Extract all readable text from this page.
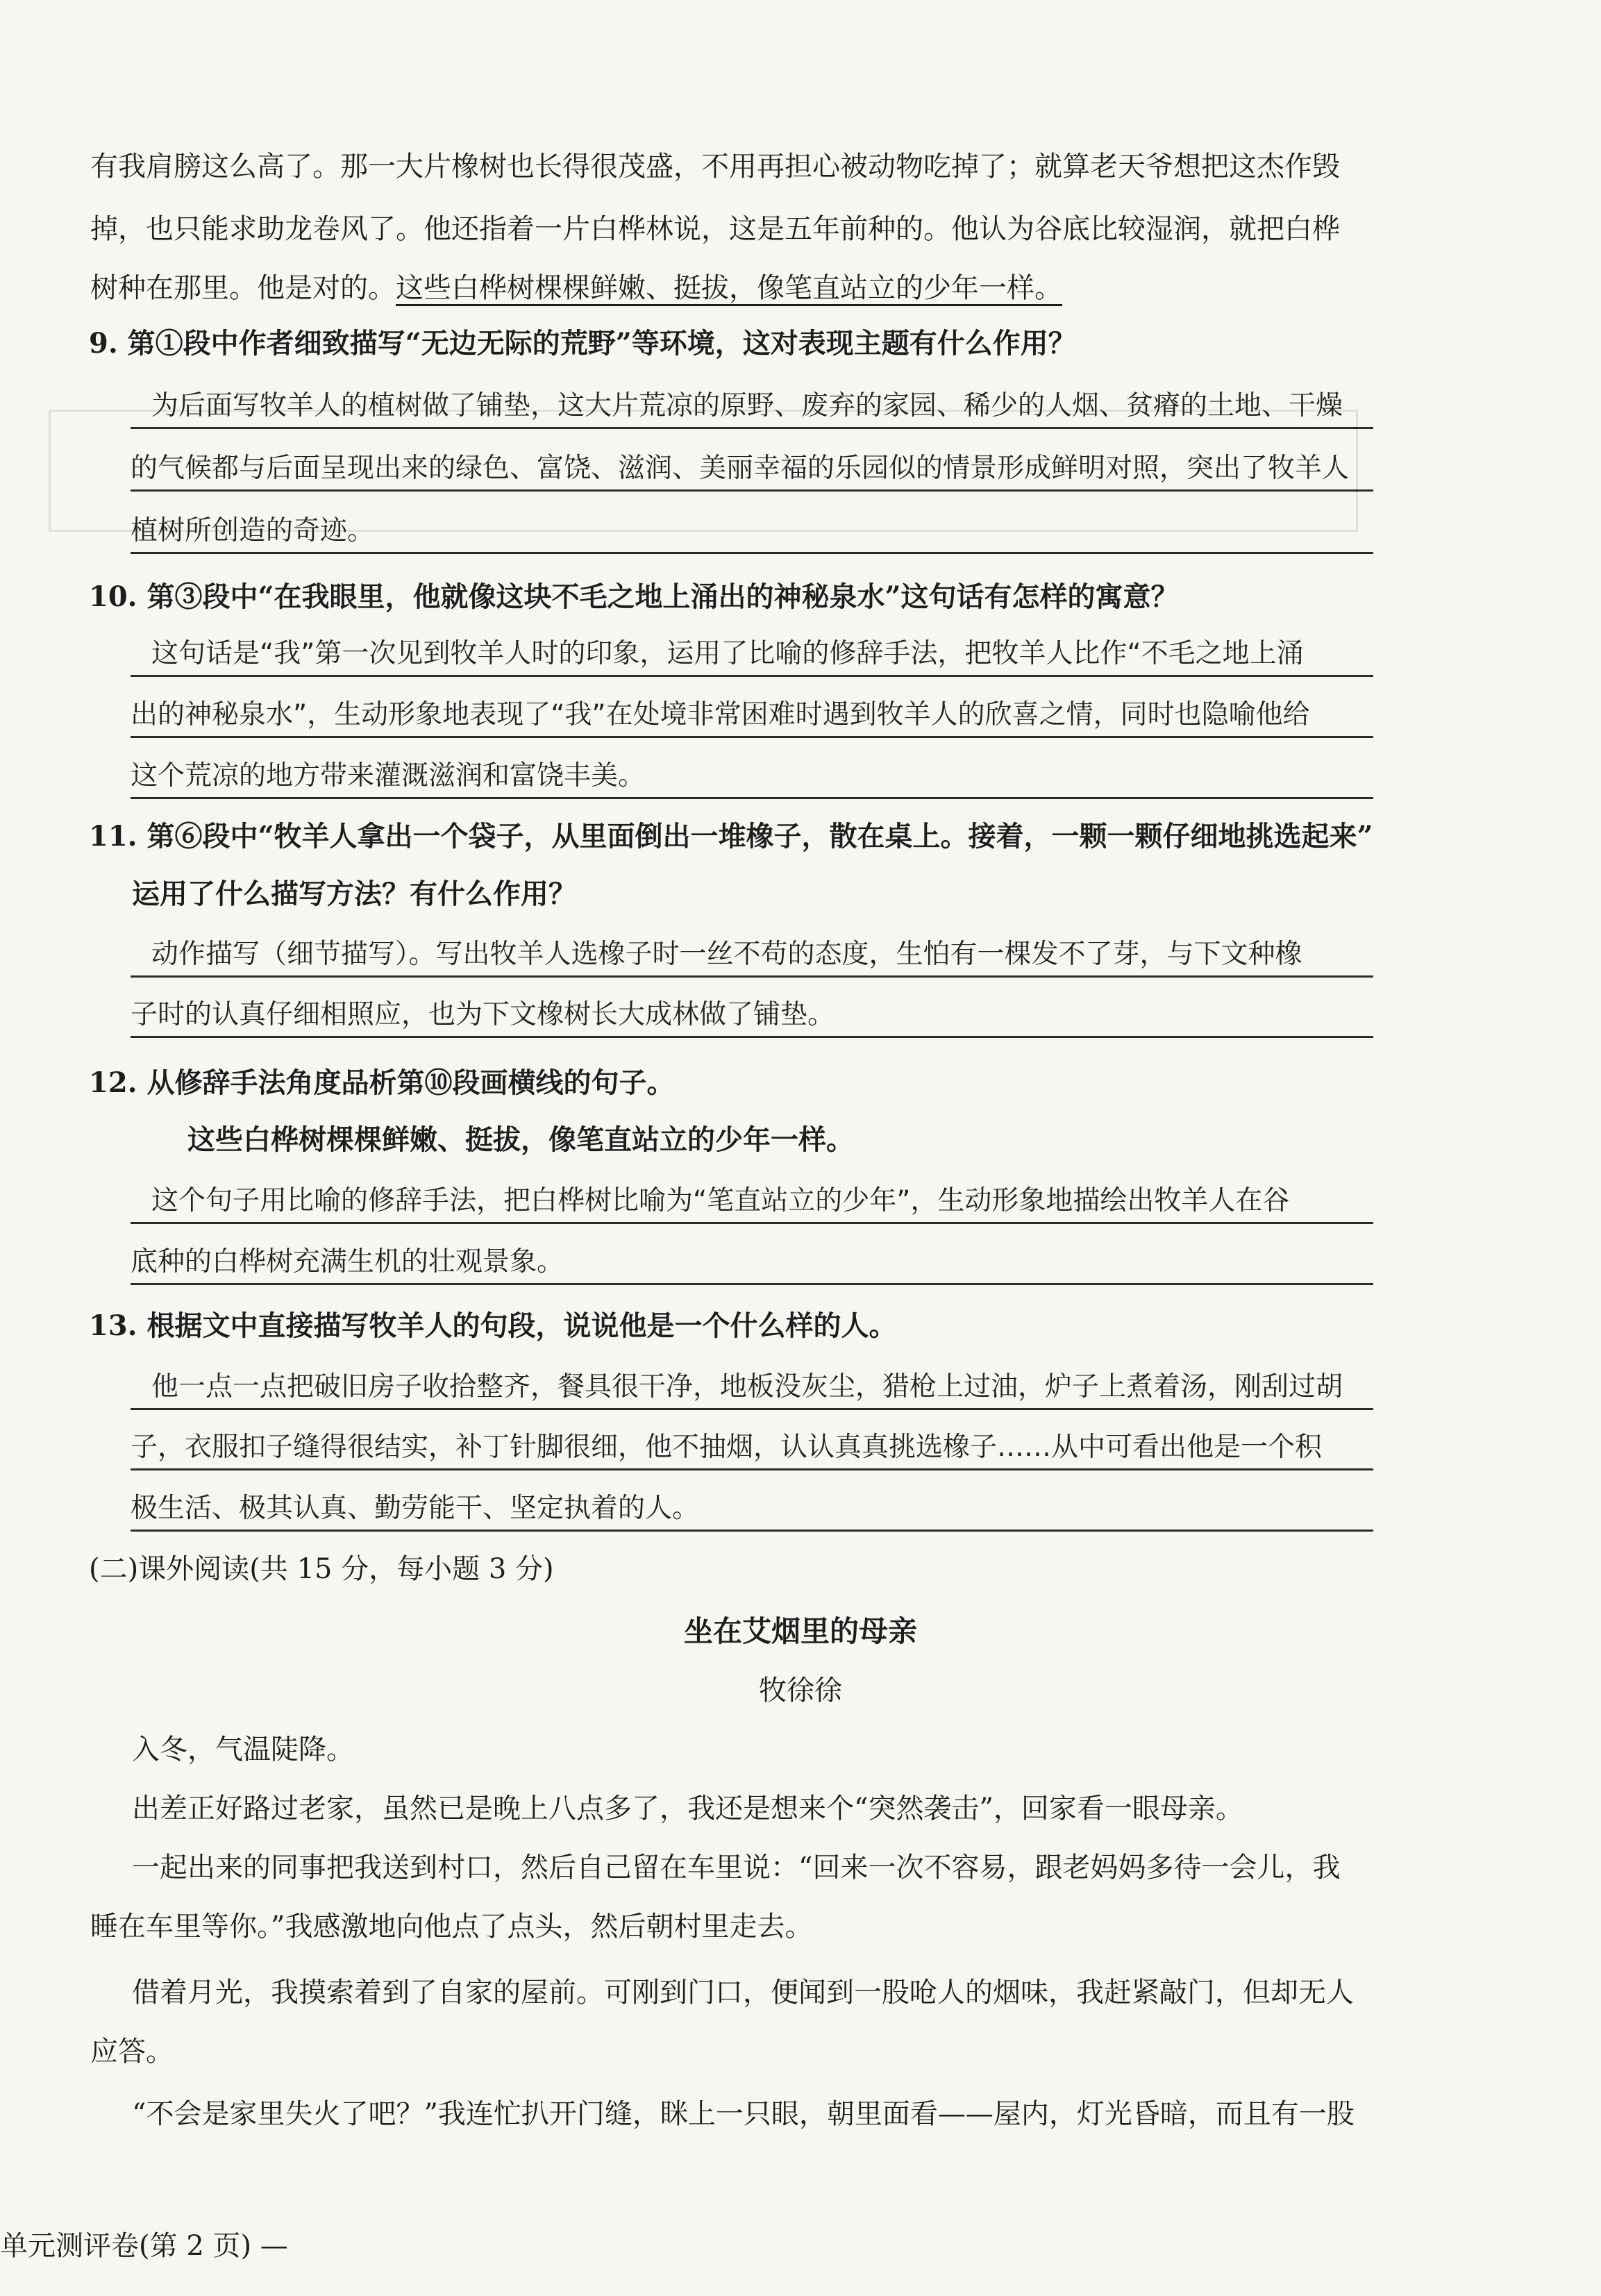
有我肩膀这么高了。那一大片橡树也长得很茂盛，不用再担心被动物吃掉了；就算老天爷想把这杰作毁
掉，也只能求助龙卷风了。他还指着一片白桦林说，这是五年前种的。他认为谷底比较湿润，就把白桦
树种在那里。他是对的。这些白桦树棵棵鲜嫩、挺拔，像笔直站立的少年一样。
9. 第①段中作者细致描写“无边无际的荒野”等环境，这对表现主题有什么作用？
为后面写牧羊人的植树做了铺垫，这大片荒凉的原野、废弃的家园、稀少的人烟、贫瘠的土地、干燥
的气候都与后面呈现出来的绿色、富饶、滋润、美丽幸福的乐园似的情景形成鲜明对照，突出了牧羊人
植树所创造的奇迹。
10. 第③段中“在我眼里，他就像这块不毛之地上涌出的神秘泉水”这句话有怎样的寓意？
这句话是“我”第一次见到牧羊人时的印象，运用了比喻的修辞手法，把牧羊人比作“不毛之地上涌
出的神秘泉水”，生动形象地表现了“我”在处境非常困难时遇到牧羊人的欣喜之情，同时也隐喻他给
这个荒凉的地方带来灌溉滋润和富饶丰美。
11. 第⑥段中“牧羊人拿出一个袋子，从里面倒出一堆橡子，散在桌上。接着，一颗一颗仔细地挑选起来”
运用了什么描写方法？有什么作用？
动作描写（细节描写）。写出牧羊人选橡子时一丝不苟的态度，生怕有一棵发不了芽，与下文种橡
子时的认真仔细相照应，也为下文橡树长大成林做了铺垫。
12. 从修辞手法角度品析第⑩段画横线的句子。
这些白桦树棵棵鲜嫩、挺拔，像笔直站立的少年一样。
这个句子用比喻的修辞手法，把白桦树比喻为“笔直站立的少年”，生动形象地描绘出牧羊人在谷
底种的白桦树充满生机的壮观景象。
13. 根据文中直接描写牧羊人的句段，说说他是一个什么样的人。
他一点一点把破旧房子收拾整齐，餐具很干净，地板没灰尘，猎枪上过油，炉子上煮着汤，刚刮过胡
子，衣服扣子缝得很结实，补丁针脚很细，他不抽烟，认认真真挑选橡子……从中可看出他是一个积
极生活、极其认真、勤劳能干、坚定执着的人。
(二)课外阅读(共 15 分，每小题 3 分)
坐在艾烟里的母亲
牧徐徐
入冬，气温陡降。
出差正好路过老家，虽然已是晚上八点多了，我还是想来个“突然袭击”，回家看一眼母亲。
一起出来的同事把我送到村口，然后自己留在车里说：“回来一次不容易，跟老妈妈多待一会儿，我
睡在车里等你。”我感激地向他点了点头，然后朝村里走去。
借着月光，我摸索着到了自家的屋前。可刚到门口，便闻到一股呛人的烟味，我赶紧敲门，但却无人
应答。
“不会是家里失火了吧？”我连忙扒开门缝，眯上一只眼，朝里面看——屋内，灯光昏暗，而且有一股
单元测评卷(第 2 页) —
